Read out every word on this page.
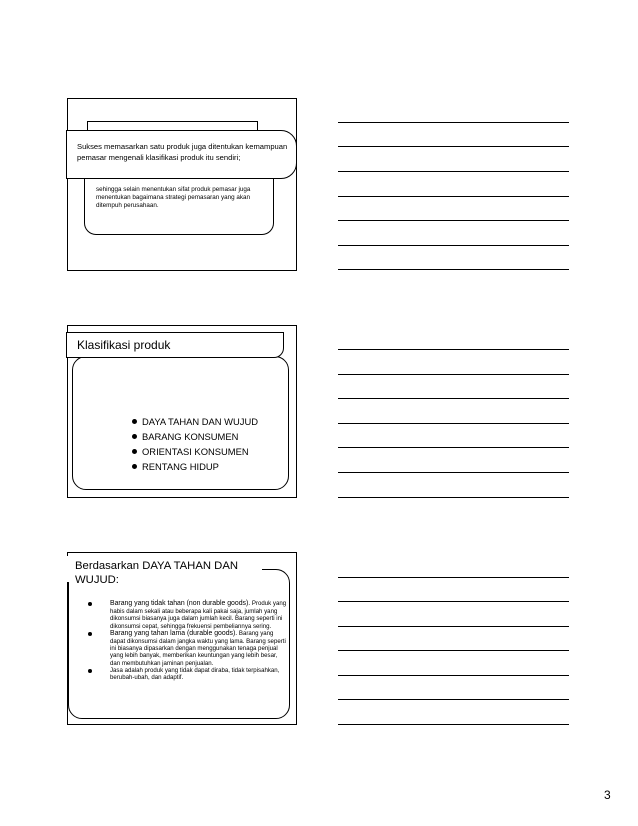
sehingga selain menentukan sifat produk pemasar juga menentukan bagaimana strategi pemasaran yang akan ditempuh perusahaan.
Sukses memasarkan satu produk juga ditentukan kemampuan pemasar mengenali klasifikasi produk itu sendiri;
Klasifikasi produk
DAYA TAHAN DAN WUJUD
BARANG KONSUMEN
ORIENTASI KONSUMEN
RENTANG HIDUP
Berdasarkan DAYA TAHAN DAN WUJUD:
Barang yang tidak tahan (non durable goods). Produk yang habis dalam sekali atau beberapa kali pakai saja, jumlah yang dikonsumsi biasanya juga dalam jumlah kecil. Barang seperti ini dikonsumsi cepat, sehingga frekuensi pembeliannya sering.
Barang yang tahan lama (durable goods). Barang yang dapat dikonsumsi dalam jangka waktu yang lama. Barang seperti ini biasanya dipasarkan dengan menggunakan tenaga penjual yang lebih banyak, memberikan keuntungan yang lebih besar, dan membutuhkan jaminan penjualan.
Jasa adalah produk yang tidak dapat diraba, tidak terpisahkan, berubah-ubah, dan adaptif.
3
